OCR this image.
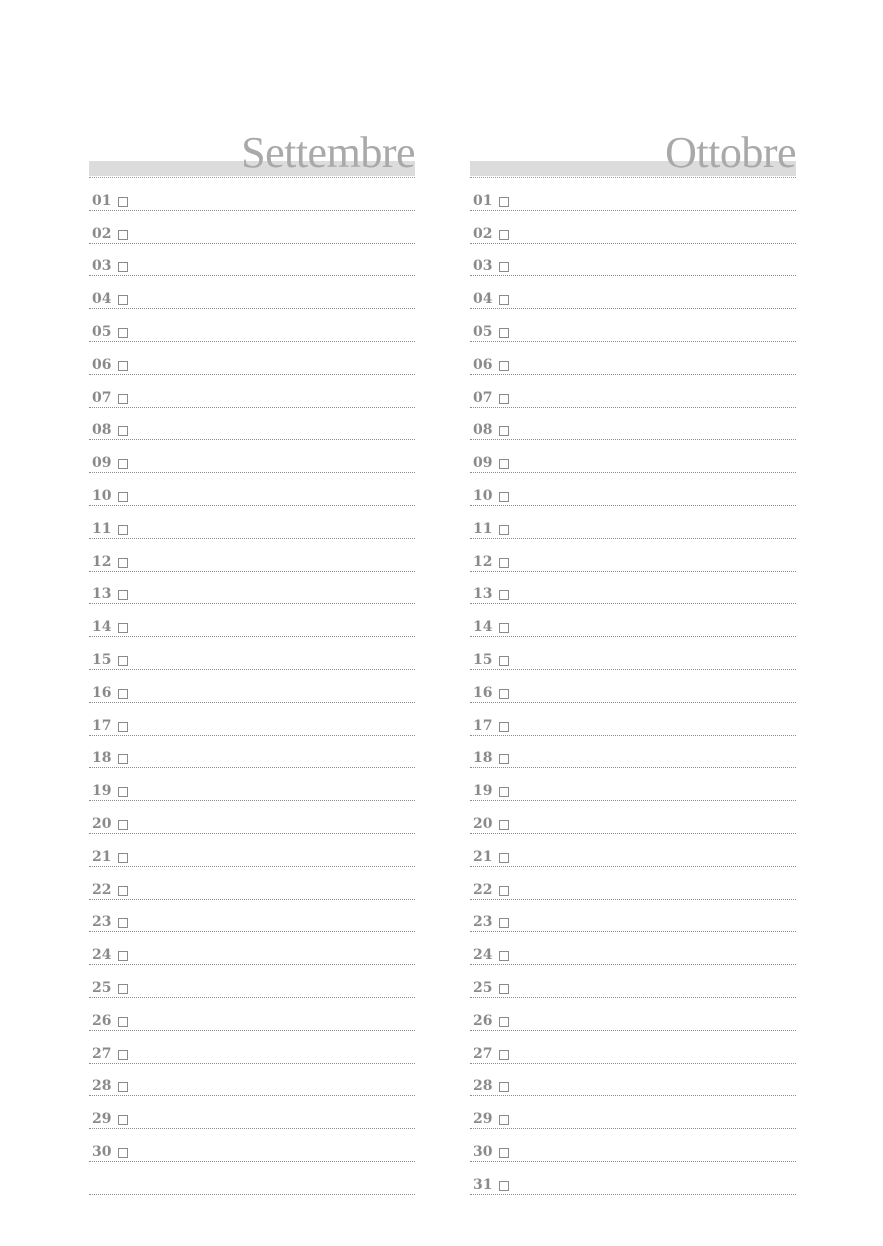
Settembre
01
02
03
04
05
06
07
08
09
10
11
12
13
14
15
16
17
18
19
20
21
22
23
24
25
26
27
28
29
30
Ottobre
01
02
03
04
05
06
07
08
09
10
11
12
13
14
15
16
17
18
19
20
21
22
23
24
25
26
27
28
29
30
31
